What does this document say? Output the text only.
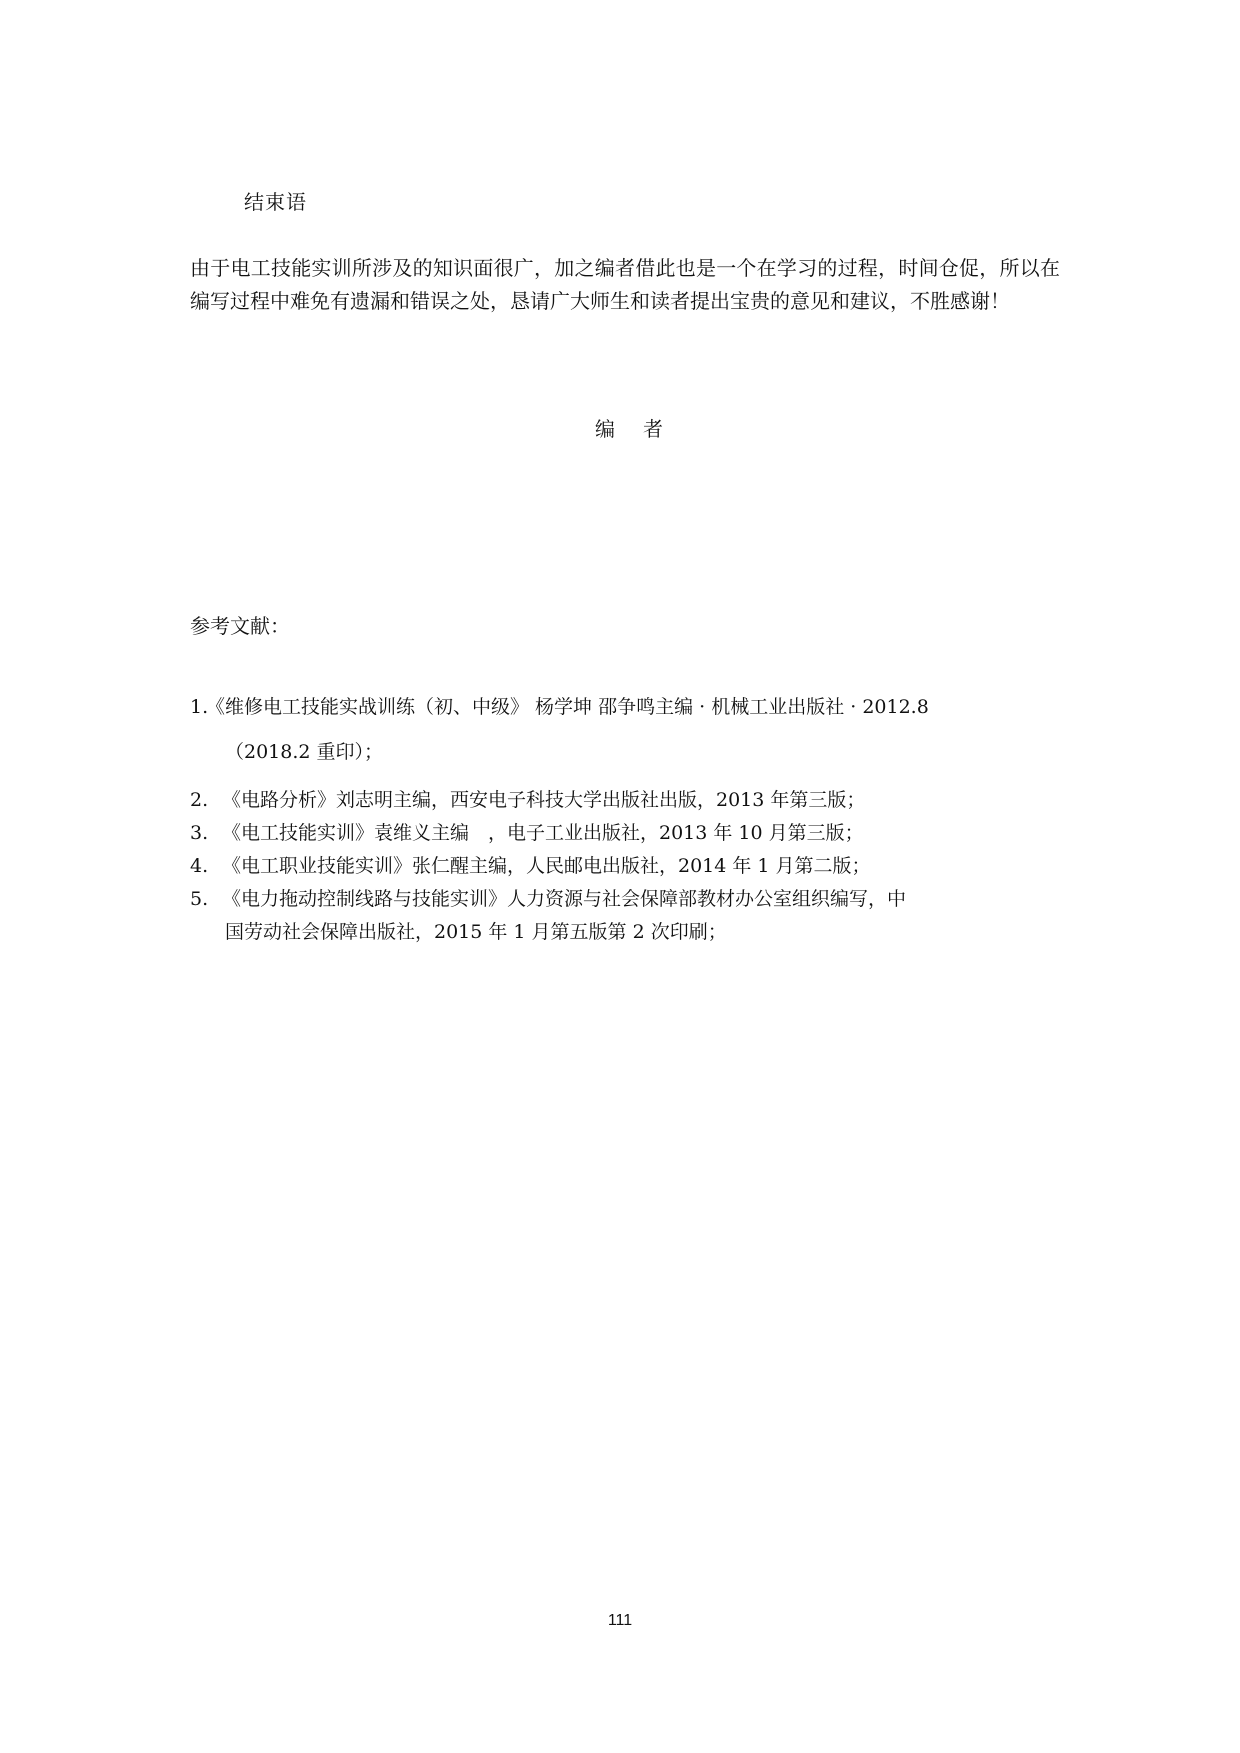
结束语
由于电工技能实训所涉及的知识面很广，加之编者借此也是一个在学习的过程，时间仓促，所以在编写过程中难免有遗漏和错误之处，恳请广大师生和读者提出宝贵的意见和建议，不胜感谢！
编 者
参考文献：
1.《维修电工技能实战训练（初、中级》 杨学坤 邵争鸣主编 · 机械工业出版社 · 2012.8
（2018.2 重印）；
2. 《电路分析》刘志明主编，西安电子科技大学出版社出版，2013 年第三版；
3. 《电工技能实训》袁维义主编　，电子工业出版社，2013 年 10 月第三版；
4. 《电工职业技能实训》张仁醒主编，人民邮电出版社，2014 年 1 月第二版；
5. 《电力拖动控制线路与技能实训》人力资源与社会保障部教材办公室组织编写，中
国劳动社会保障出版社，2015 年 1 月第五版第 2 次印刷；
111
